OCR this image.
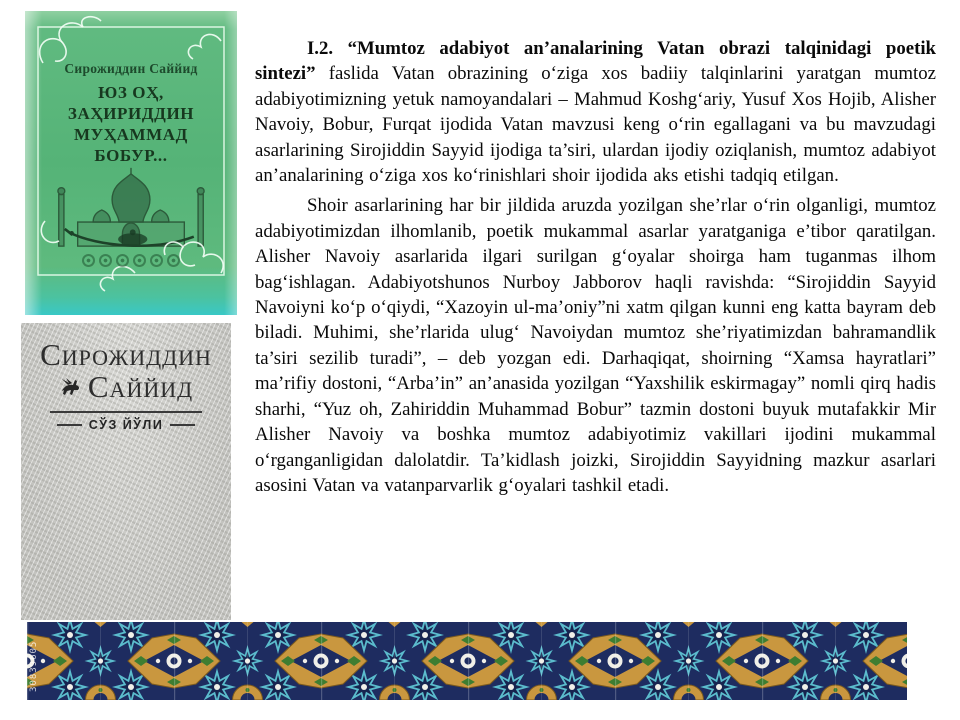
Сирожиддин Саййид
ЮЗ ОҲ,
ЗАҲИРИДДИН
МУҲАММАД
БОБУР...
Сирожиддин
Саййид
СЎЗ ЙЎЛИ

I.2. “Mumtoz adabiyot an’analarining Vatan obrazi talqinidagi poetik sintezi” faslida Vatan obrazining o‘ziga xos badiiy talqinlarini yaratgan mumtoz adabiyotimizning yetuk namoyandalari – Mahmud Koshg‘ariy, Yusuf Xos Hojib, Alisher Navoiy, Bobur, Furqat ijodida Vatan mavzusi keng o‘rin egallagani va bu mavzudagi asarlarining Sirojiddin Sayyid ijodiga ta’siri, ulardan ijodiy oziqlanish, mumtoz adabiyot an’analarining o‘ziga xos ko‘rinishlari shoir ijodida aks etishi tadqiq etilgan.

Shoir asarlarining har bir jildida aruzda yozilgan she’rlar o‘rin olganligi, mumtoz adabiyotimizdan ilhomlanib, poetik mukammal asarlar yaratganiga e’tibor qaratilgan. Alisher Navoiy asarlarida ilgari surilgan g‘oyalar shoirga ham tuganmas ilhom bag‘ishlagan. Adabiyotshunos Nurboy Jabborov haqli ravishda: “Sirojiddin Sayyid Navoiyni ko‘p o‘qiydi, “Xazoyin ul-ma’oniy”ni xatm qilgan kunni eng katta bayram deb biladi. Muhimi, she’rlarida ulug‘ Navoiydan mumtoz she’riyatimizdan bahramandlik ta’siri sezilib turadi”, – deb yozgan edi. Darhaqiqat, shoirning “Xamsa hayratlari” ma’rifiy dostoni, “Arba’in” an’anasida yozilgan “Yaxshilik eskirmagay” nomli qirq hadis sharhi, “Yuz oh, Zahiriddin Muhammad Bobur” tazmin dostoni buyuk mutafakkir Mir Alisher Navoiy va boshka mumtoz adabiyotimiz vakillari ijodini mukammal o‘rganganligidan dalolatdir. Ta’kidlash joizki, Sirojiddin Sayyidning mazkur asarlari asosini Vatan va vatanparvarlik g‘oyalari tashkil etadi.

30839605
